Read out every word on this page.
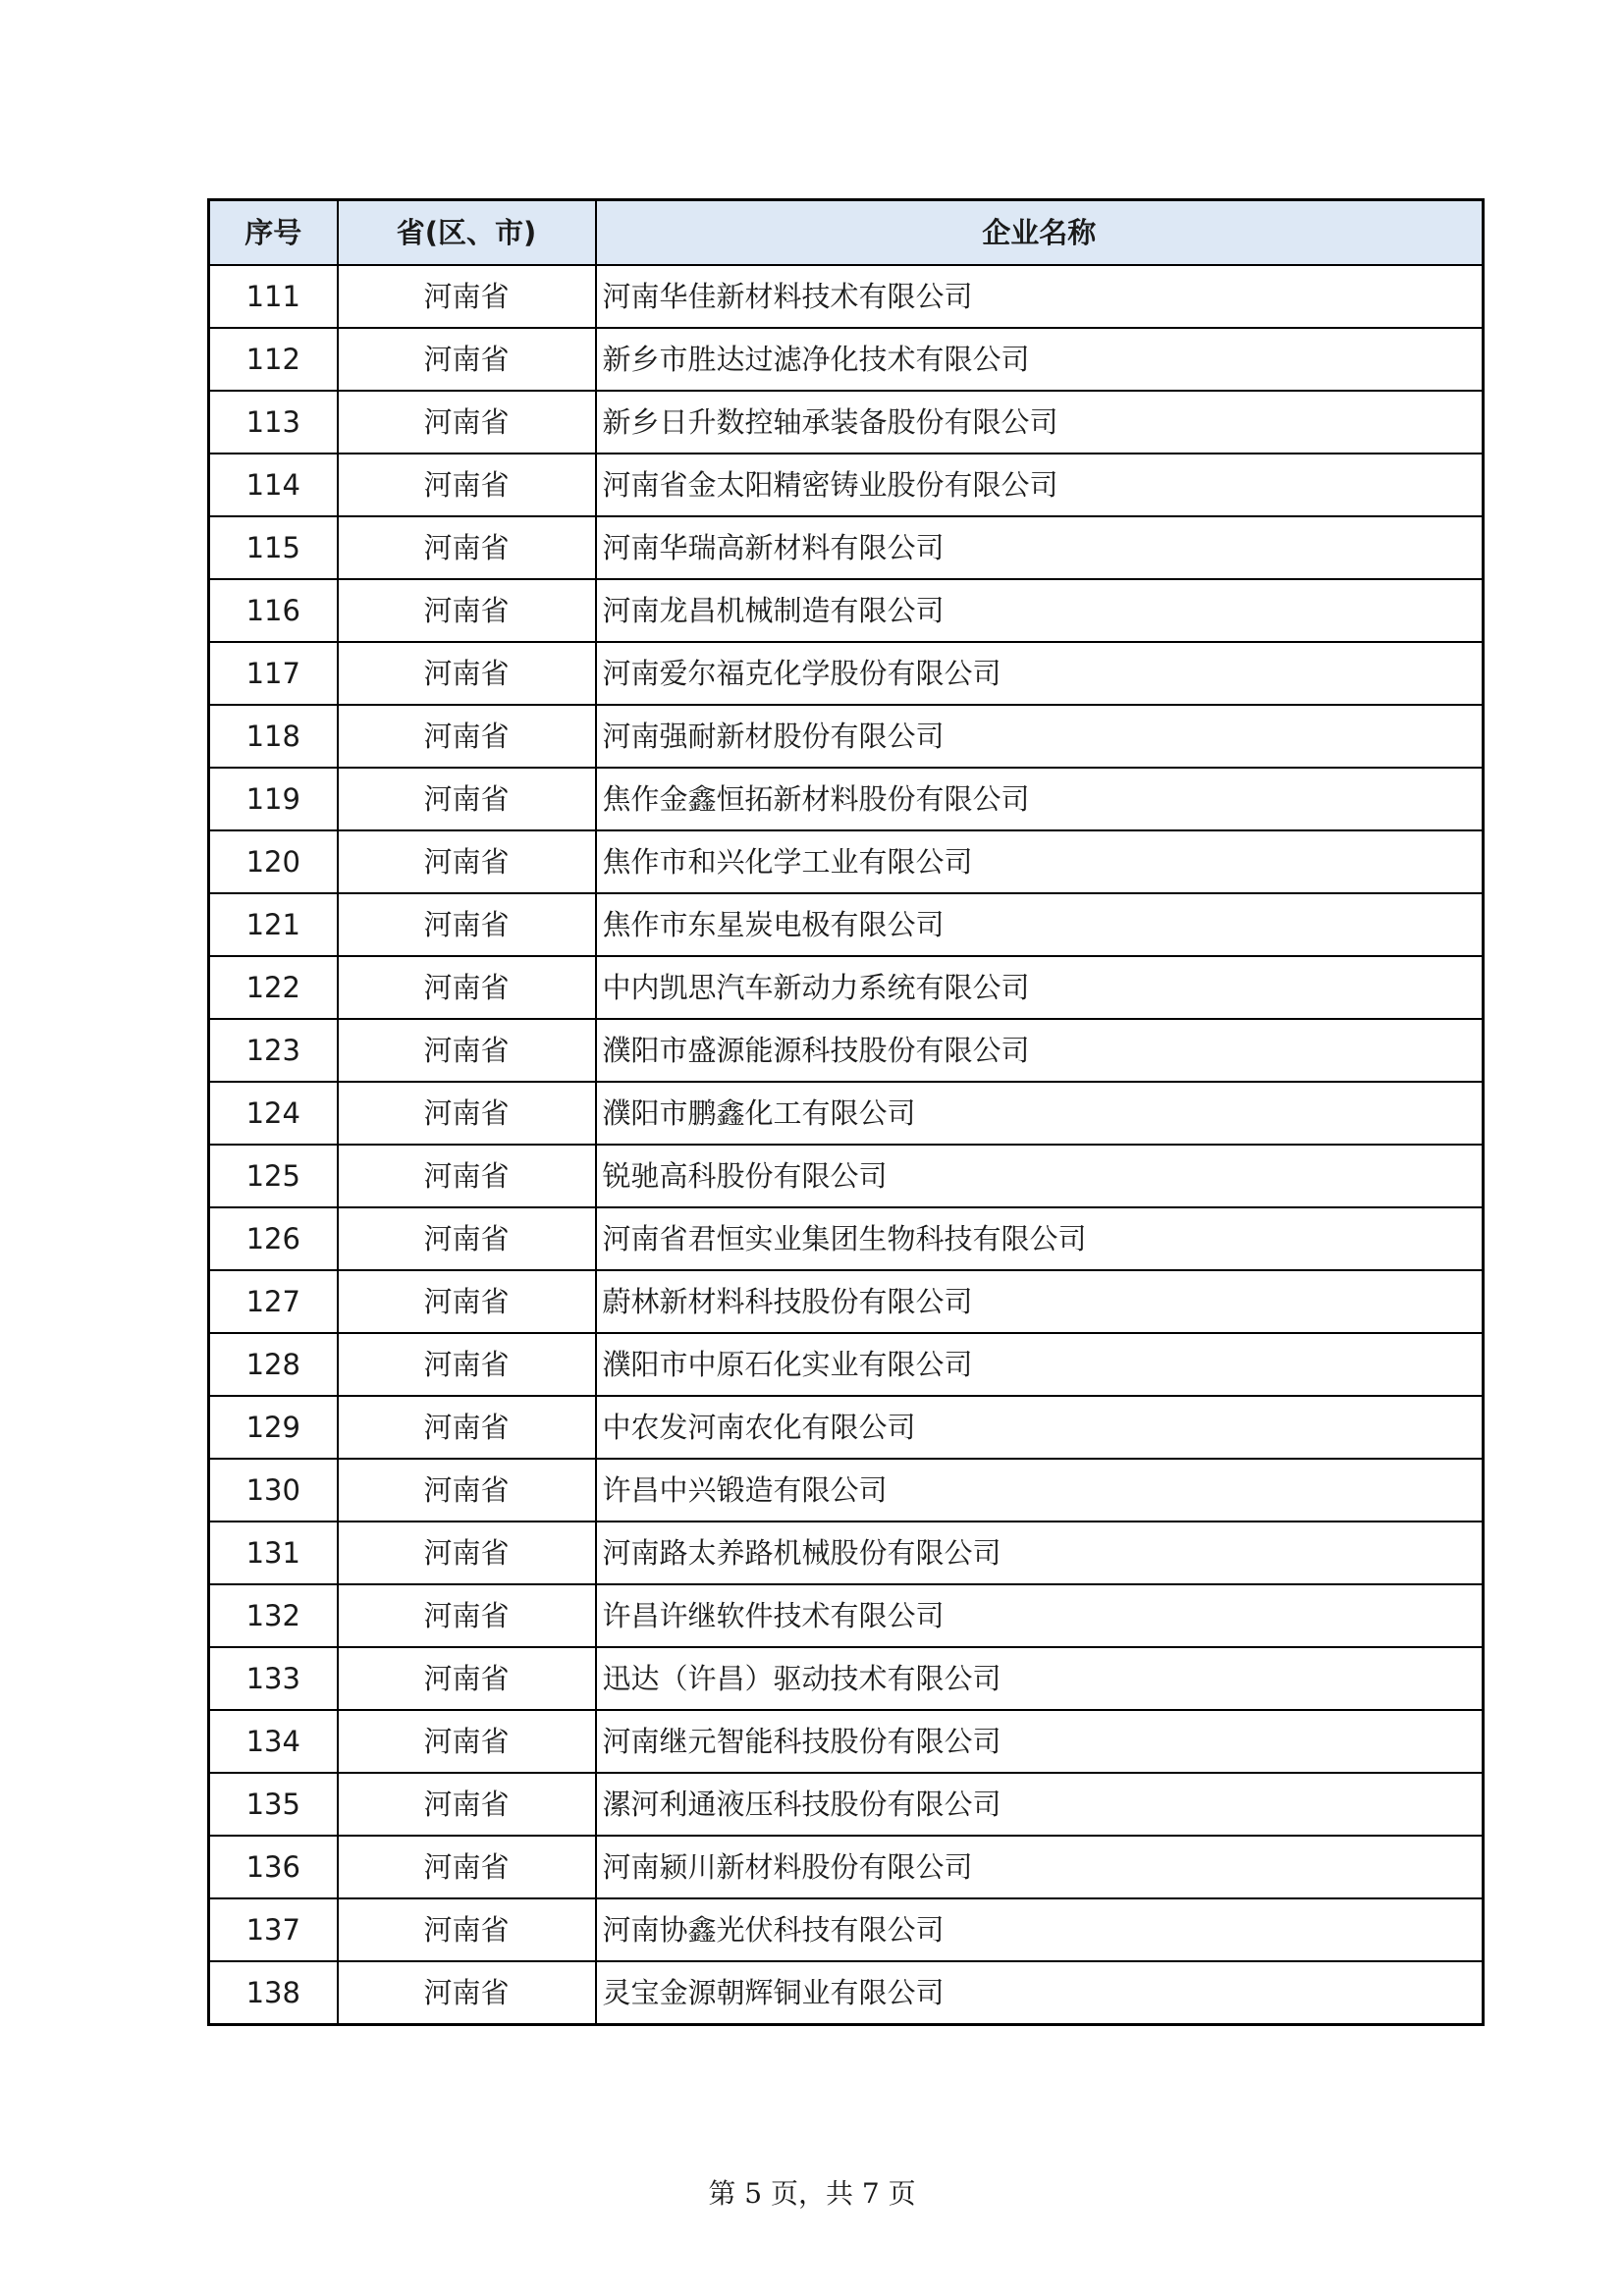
序号	省(区、市)	企业名称
111	河南省	河南华佳新材料技术有限公司
112	河南省	新乡市胜达过滤净化技术有限公司
113	河南省	新乡日升数控轴承装备股份有限公司
114	河南省	河南省金太阳精密铸业股份有限公司
115	河南省	河南华瑞高新材料有限公司
116	河南省	河南龙昌机械制造有限公司
117	河南省	河南爱尔福克化学股份有限公司
118	河南省	河南强耐新材股份有限公司
119	河南省	焦作金鑫恒拓新材料股份有限公司
120	河南省	焦作市和兴化学工业有限公司
121	河南省	焦作市东星炭电极有限公司
122	河南省	中内凯思汽车新动力系统有限公司
123	河南省	濮阳市盛源能源科技股份有限公司
124	河南省	濮阳市鹏鑫化工有限公司
125	河南省	锐驰高科股份有限公司
126	河南省	河南省君恒实业集团生物科技有限公司
127	河南省	蔚林新材料科技股份有限公司
128	河南省	濮阳市中原石化实业有限公司
129	河南省	中农发河南农化有限公司
130	河南省	许昌中兴锻造有限公司
131	河南省	河南路太养路机械股份有限公司
132	河南省	许昌许继软件技术有限公司
133	河南省	迅达（许昌）驱动技术有限公司
134	河南省	河南继元智能科技股份有限公司
135	河南省	漯河利通液压科技股份有限公司
136	河南省	河南颍川新材料股份有限公司
137	河南省	河南协鑫光伏科技有限公司
138	河南省	灵宝金源朝辉铜业有限公司
第 5 页，共 7 页
